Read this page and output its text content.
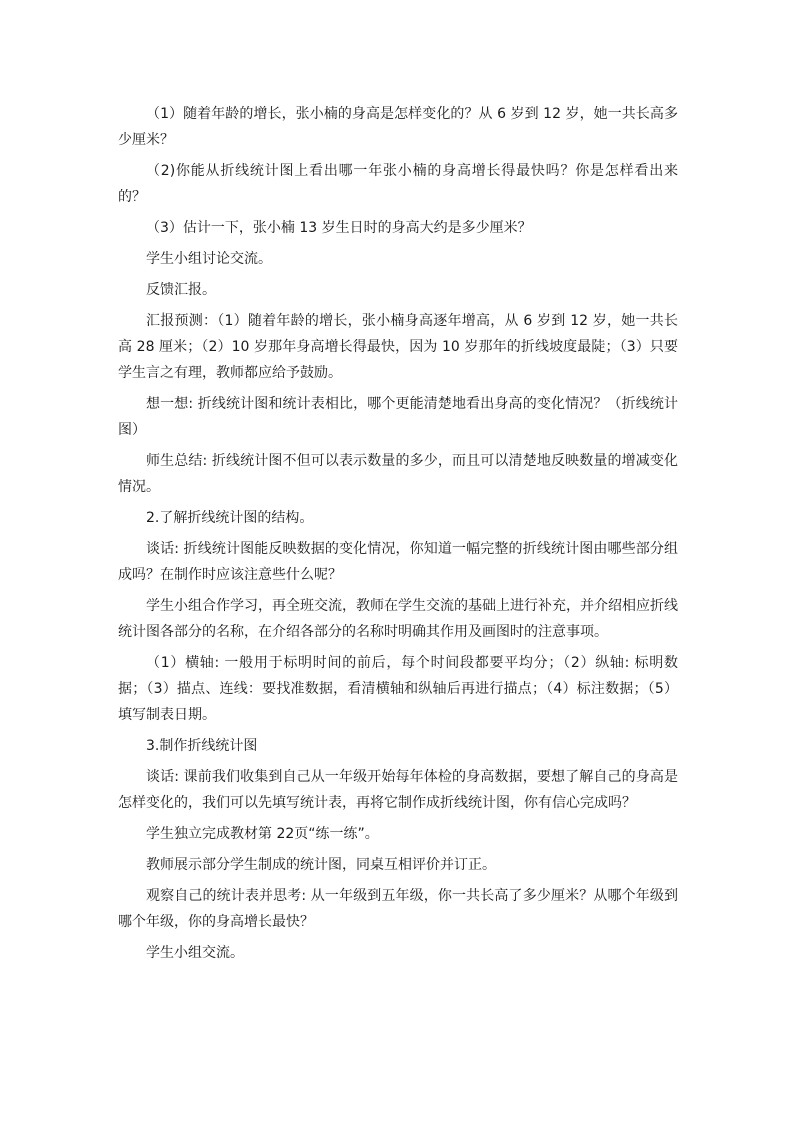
（1）随着年龄的增长，张小楠的身高是怎样变化的？从 6 岁到 12 岁，她一共长高多少厘米？

（2)你能从折线统计图上看出哪一年张小楠的身高增长得最快吗？你是怎样看出来的？

（3）估计一下，张小楠 13 岁生日时的身高大约是多少厘米？

学生小组讨论交流。

反馈汇报。

汇报预测：（1）随着年龄的增长，张小楠身高逐年增高，从 6 岁到 12 岁，她一共长高 28 厘米；（2）10 岁那年身高增长得最快，因为 10 岁那年的折线坡度最陡；（3）只要学生言之有理，教师都应给予鼓励。

想一想: 折线统计图和统计表相比，哪个更能清楚地看出身高的变化情况？（折线统计图）

师生总结: 折线统计图不但可以表示数量的多少，而且可以清楚地反映数量的增减变化情况。

2.了解折线统计图的结构。

谈话: 折线统计图能反映数据的变化情况，你知道一幅完整的折线统计图由哪些部分组成吗？在制作时应该注意些什么呢？

学生小组合作学习，再全班交流，教师在学生交流的基础上进行补充，并介绍相应折线统计图各部分的名称，在介绍各部分的名称时明确其作用及画图时的注意事项。

（1）横轴: 一般用于标明时间的前后，每个时间段都要平均分；（2）纵轴: 标明数据；（3）描点、连线：要找准数据，看清横轴和纵轴后再进行描点；（4）标注数据；（5）填写制表日期。

3.制作折线统计图

谈话: 课前我们收集到自己从一年级开始每年体检的身高数据，要想了解自己的身高是怎样变化的，我们可以先填写统计表，再将它制作成折线统计图，你有信心完成吗？

学生独立完成教材第 22页“练一练”。

教师展示部分学生制成的统计图，同桌互相评价并订正。

观察自己的统计表并思考: 从一年级到五年级，你一共长高了多少厘米？从哪个年级到哪个年级，你的身高增长最快？

学生小组交流。
